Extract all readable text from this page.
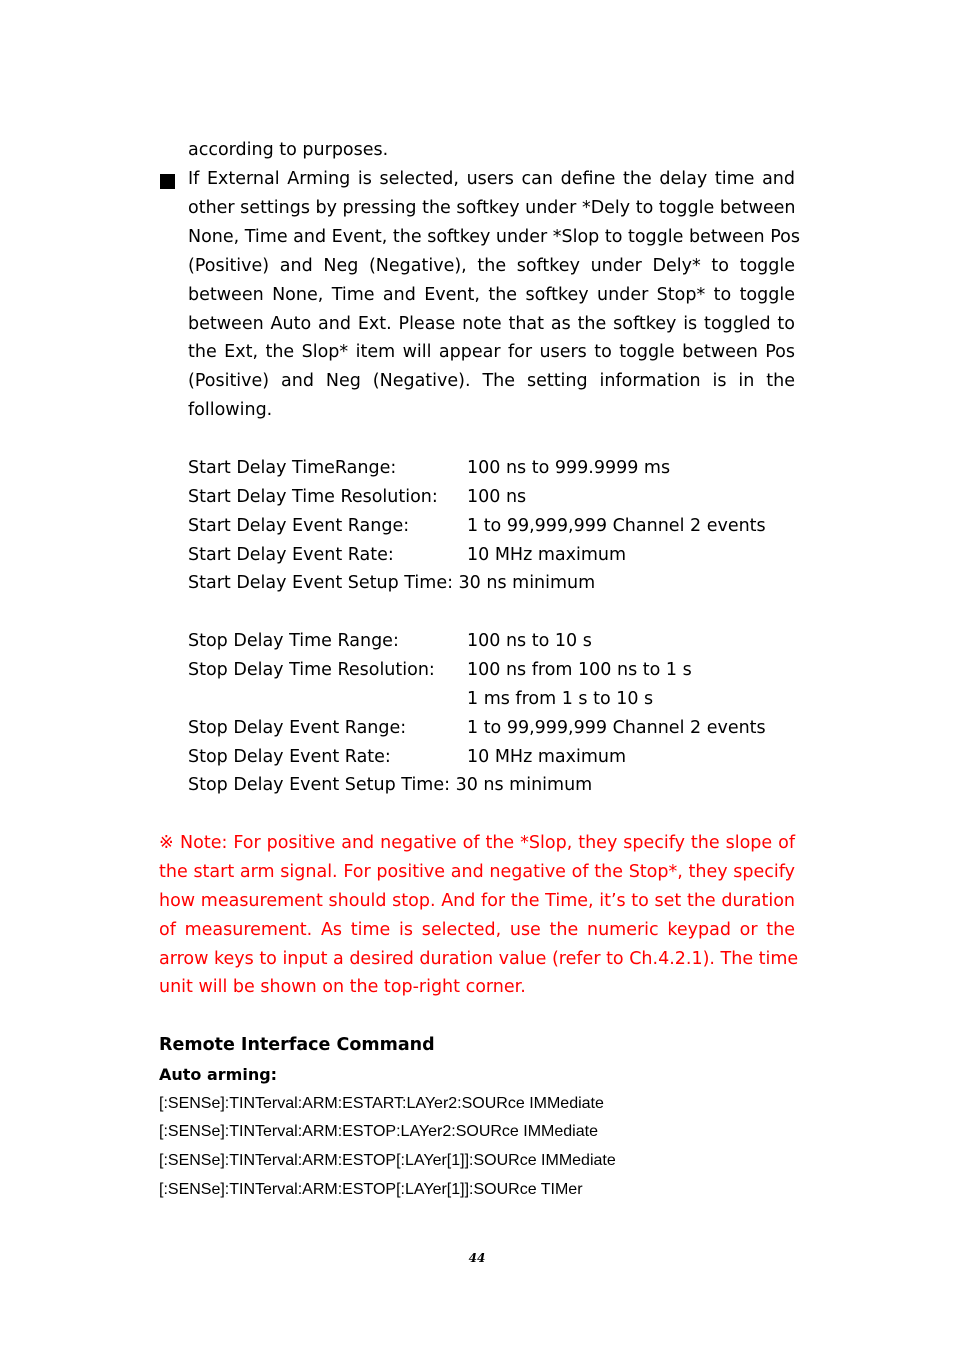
according to purposes.
If External Arming is selected, users can define the delay time and
other settings by pressing the softkey under *Dely to toggle between
None, Time and Event, the softkey under *Slop to toggle between Pos
(Positive) and Neg (Negative), the softkey under Dely* to toggle
between None, Time and Event, the softkey under Stop* to toggle
between Auto and Ext. Please note that as the softkey is toggled to
the Ext, the Slop* item will appear for users to toggle between Pos
(Positive) and Neg (Negative). The setting information is in the
following.
Start Delay TimeRange:	100 ns to 999.9999 ms
Start Delay Time Resolution: 100 ns
Start Delay Event Range:	1 to 99,999,999 Channel 2 events
Start Delay Event Rate:	10 MHz maximum
Start Delay Event Setup Time: 30 ns minimum
Stop Delay Time Range:	100 ns to 10 s
Stop Delay Time Resolution: 100 ns from 100 ns to 1 s
1 ms from 1 s to 10 s
Stop Delay Event Range:	1 to 99,999,999 Channel 2 events
Stop Delay Event Rate:	10 MHz maximum
Stop Delay Event Setup Time: 30 ns minimum
※ Note: For positive and negative of the *Slop, they specify the slope of
the start arm signal. For positive and negative of the Stop*, they specify
how measurement should stop. And for the Time, it’s to set the duration
of measurement. As time is selected, use the numeric keypad or the
arrow keys to input a desired duration value (refer to Ch.4.2.1). The time
unit will be shown on the top-right corner.
Remote Interface Command
Auto arming:
[:SENSe]:TINTerval:ARM:ESTART:LAYer2:SOURce IMMediate
[:SENSe]:TINTerval:ARM:ESTOP:LAYer2:SOURce IMMediate
[:SENSe]:TINTerval:ARM:ESTOP[:LAYer[1]]:SOURce IMMediate
[:SENSe]:TINTerval:ARM:ESTOP[:LAYer[1]]:SOURce TIMer
44
